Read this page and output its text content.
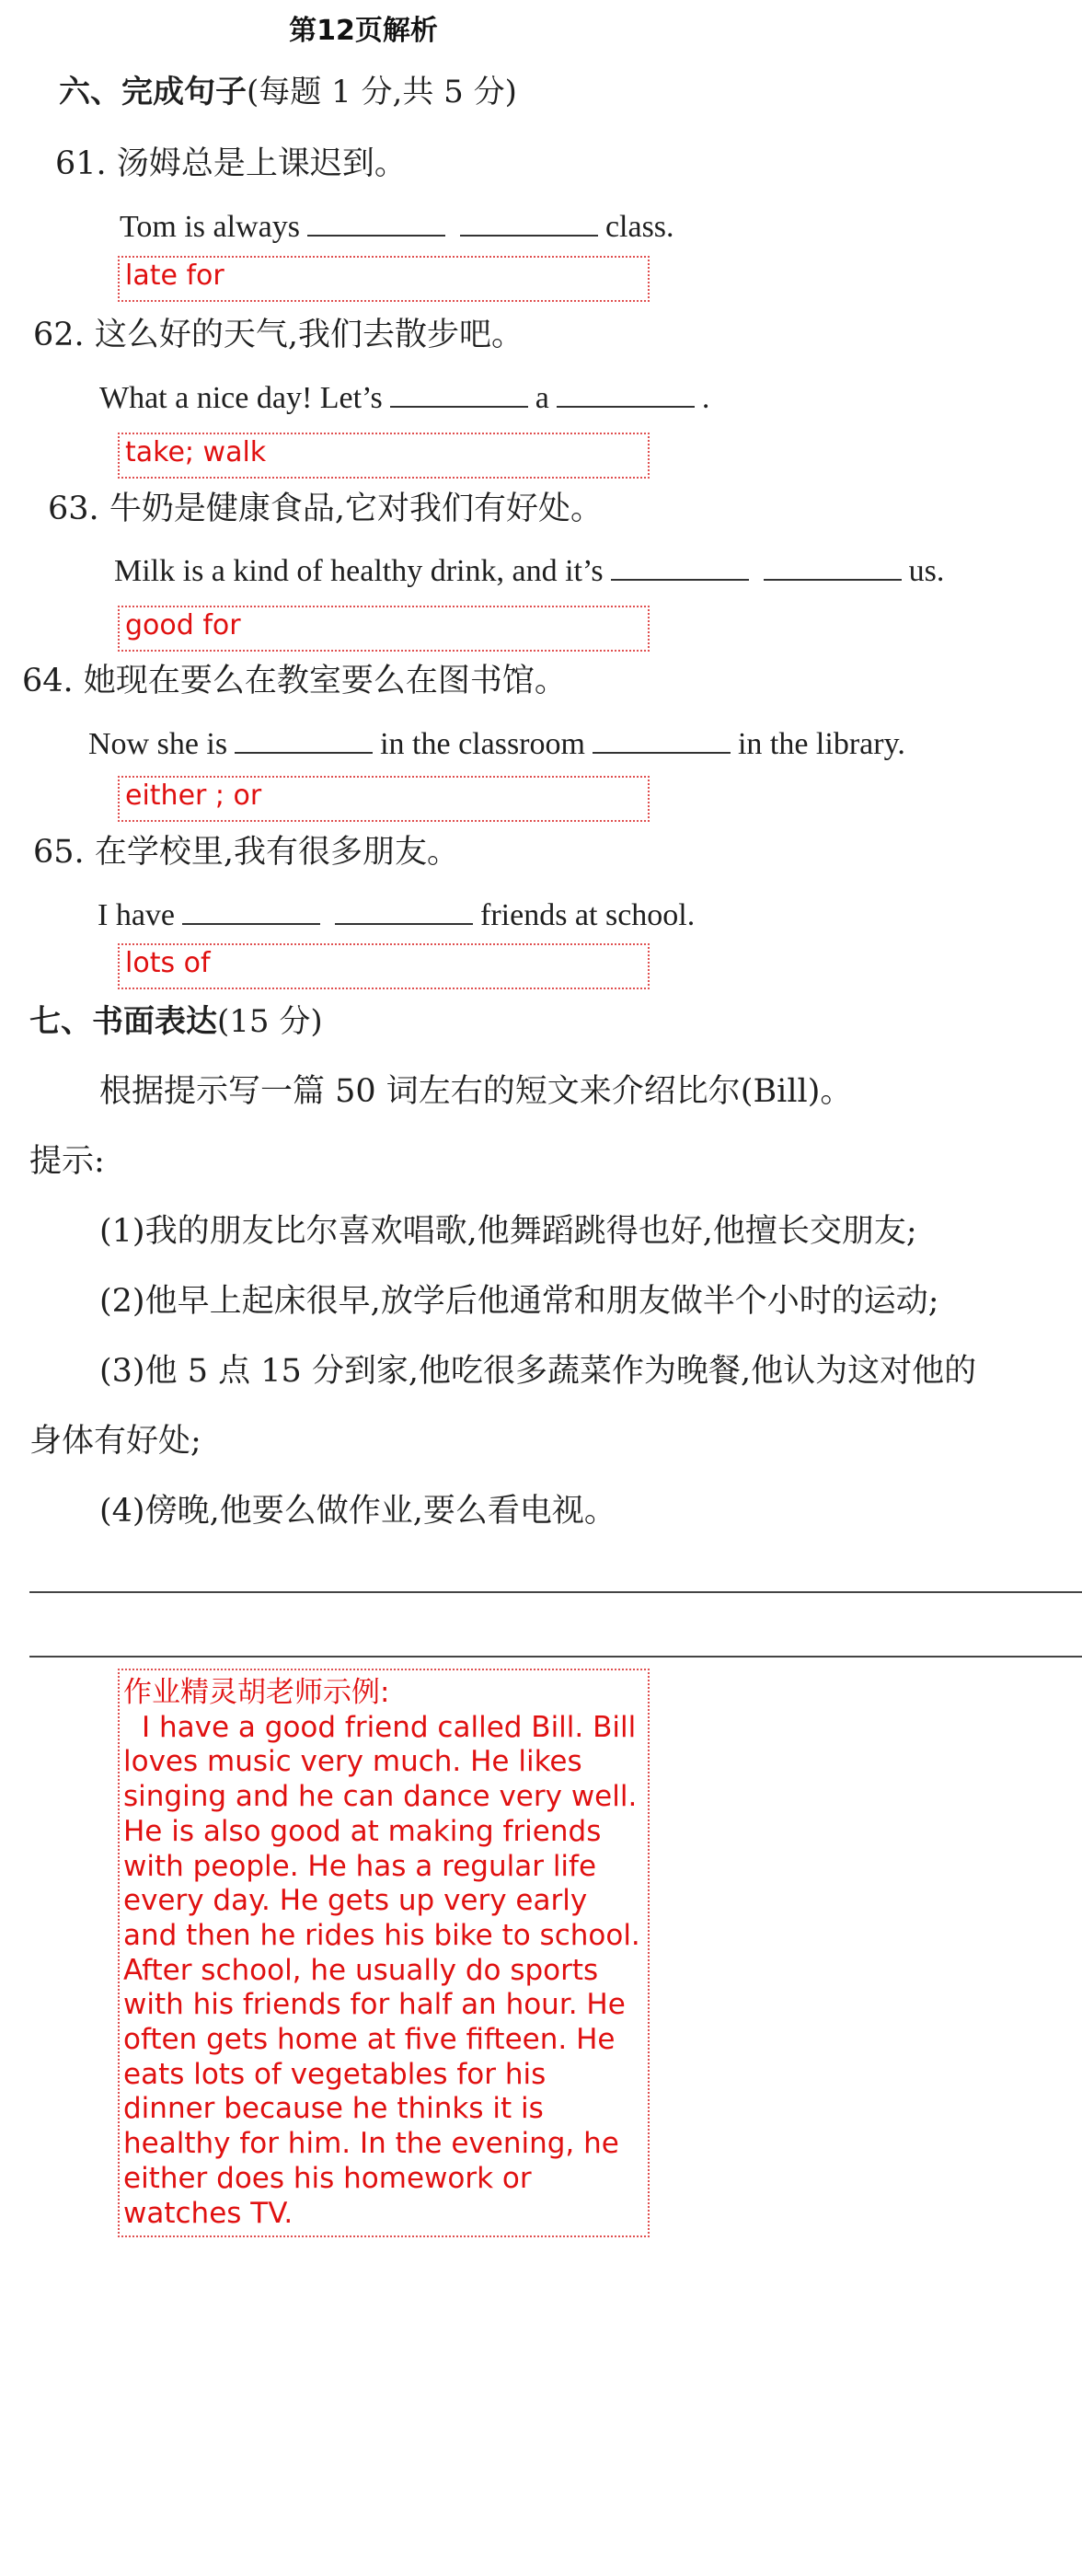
第12页解析
六、完成句子(每题 1 分,共 5 分)
61. 汤姆总是上课迟到。
Tom is always	class.
late for
62. 这么好的天气,我们去散步吧。
What a nice day! Let’s	a	.
take; walk
63. 牛奶是健康食品,它对我们有好处。
Milk is a kind of healthy drink, and it’s	us.
good for
64. 她现在要么在教室要么在图书馆。
Now she is	in the classroom	in the library.
either ; or
65. 在学校里,我有很多朋友。
I have	friends at school.
lots of
七、书面表达(15 分)
根据提示写一篇 50 词左右的短文来介绍比尔(Bill)。
提示:
(1)我的朋友比尔喜欢唱歌,他舞蹈跳得也好,他擅长交朋友;
(2)他早上起床很早,放学后他通常和朋友做半个小时的运动;
(3)他 5 点 15 分到家,他吃很多蔬菜作为晚餐,他认为这对他的
身体有好处;
(4)傍晚,他要么做作业,要么看电视。
作业精灵胡老师示例:
I have a good friend called Bill. Bill loves music very much. He likes singing and he can dance very well. He is also good at making friends with people. He has a regular life every day. He gets up very early and then he rides his bike to school. After school, he usually do sports with his friends for half an hour. He often gets home at five fifteen. He eats lots of vegetables for his dinner because he thinks it is healthy for him. In the evening, he either does his homework or watches TV.
